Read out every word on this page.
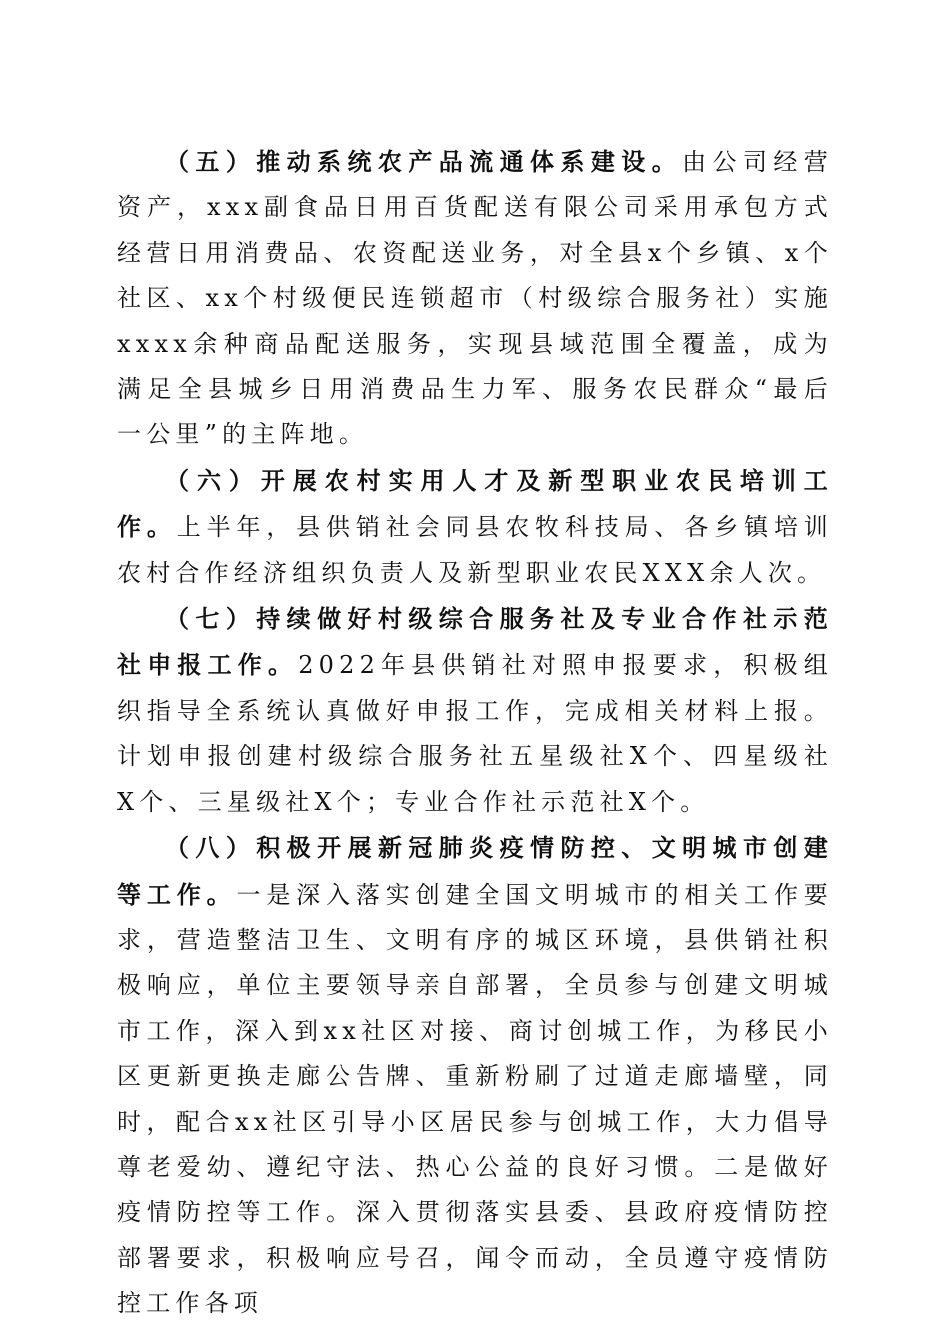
（五）推动系统农产品流通体系建设。由公司经营资产，xxx副食品日用百货配送有限公司采用承包方式经营日用消费品、农资配送业务，对全县x个乡镇、x个社区、xx个村级便民连锁超市（村级综合服务社）实施xxxx余种商品配送服务，实现县域范围全覆盖，成为满足全县城乡日用消费品生力军、服务农民群众“最后一公里”的主阵地。

（六）开展农村实用人才及新型职业农民培训工作。上半年，县供销社会同县农牧科技局、各乡镇培训农村合作经济组织负责人及新型职业农民XXX余人次。

（七）持续做好村级综合服务社及专业合作社示范社申报工作。2022年县供销社对照申报要求，积极组织指导全系统认真做好申报工作，完成相关材料上报。计划申报创建村级综合服务社五星级社X个、四星级社X个、三星级社X个；专业合作社示范社X个。

（八）积极开展新冠肺炎疫情防控、文明城市创建等工作。一是深入落实创建全国文明城市的相关工作要求，营造整洁卫生、文明有序的城区环境，县供销社积极响应，单位主要领导亲自部署，全员参与创建文明城市工作，深入到xx社区对接、商讨创城工作，为移民小区更新更换走廊公告牌、重新粉刷了过道走廊墙壁，同时，配合xx社区引导小区居民参与创城工作，大力倡导尊老爱幼、遵纪守法、热心公益的良好习惯。二是做好疫情防控等工作。深入贯彻落实县委、县政府疫情防控部署要求，积极响应号召，闻令而动，全员遵守疫情防控工作各项
